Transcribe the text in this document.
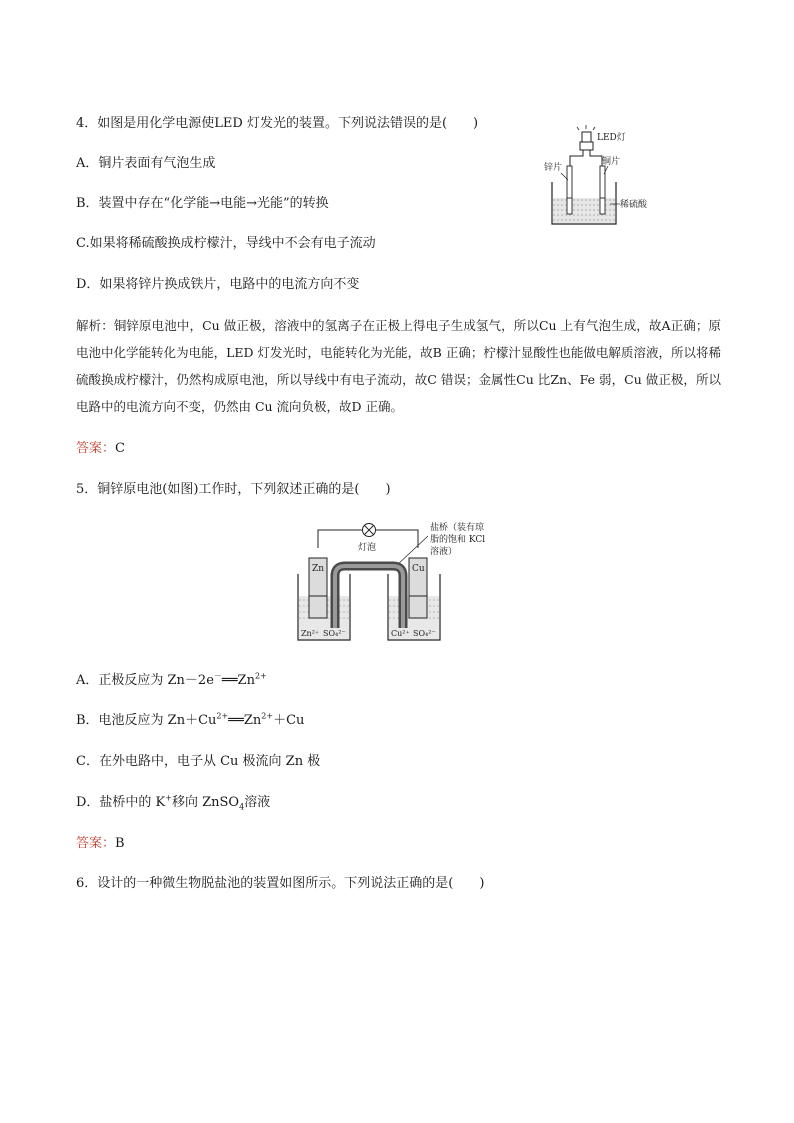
4．如图是用化学电源使LED 灯发光的装置。下列说法错误的是(　　)
A．铜片表面有气泡生成
B．装置中存在“化学能→电能→光能”的转换
C.如果将稀硫酸换成柠檬汁，导线中不会有电子流动
D．如果将锌片换成铁片，电路中的电流方向不变
LED灯
锌片
铜片
稀硫酸
解析：铜锌原电池中，Cu 做正极，溶液中的氢离子在正极上得电子生成氢气，所以Cu 上有气泡生成，故A正确；原电池中化学能转化为电能，LED 灯发光时，电能转化为光能，故B 正确；柠檬汁显酸性也能做电解质溶液，所以将稀硫酸换成柠檬汁，仍然构成原电池，所以导线中有电子流动，故C 错误；金属性Cu 比Zn、Fe 弱，Cu 做正极，所以电路中的电流方向不变，仍然由 Cu 流向负极，故D 正确。
答案：C
5．铜锌原电池(如图)工作时，下列叙述正确的是(　　)
灯泡
盐桥（装有琼
脂的饱和 KCl
溶液）
Zn	Cu
Zn²⁺ SO₄²⁻	Cu²⁺ SO₄²⁻
A．正极反应为 $Zn-2e^-══Zn^{2+}$
B．电池反应为 $Zn+Cu^{2+}══Zn^{2+}+Cu$
C．在外电路中，电子从 Cu 极流向 Zn 极
D．盐桥中的 K+移向 ZnSO$_4$溶液
答案：B
6．设计的一种微生物脱盐池的装置如图所示。下列说法正确的是(　　)
